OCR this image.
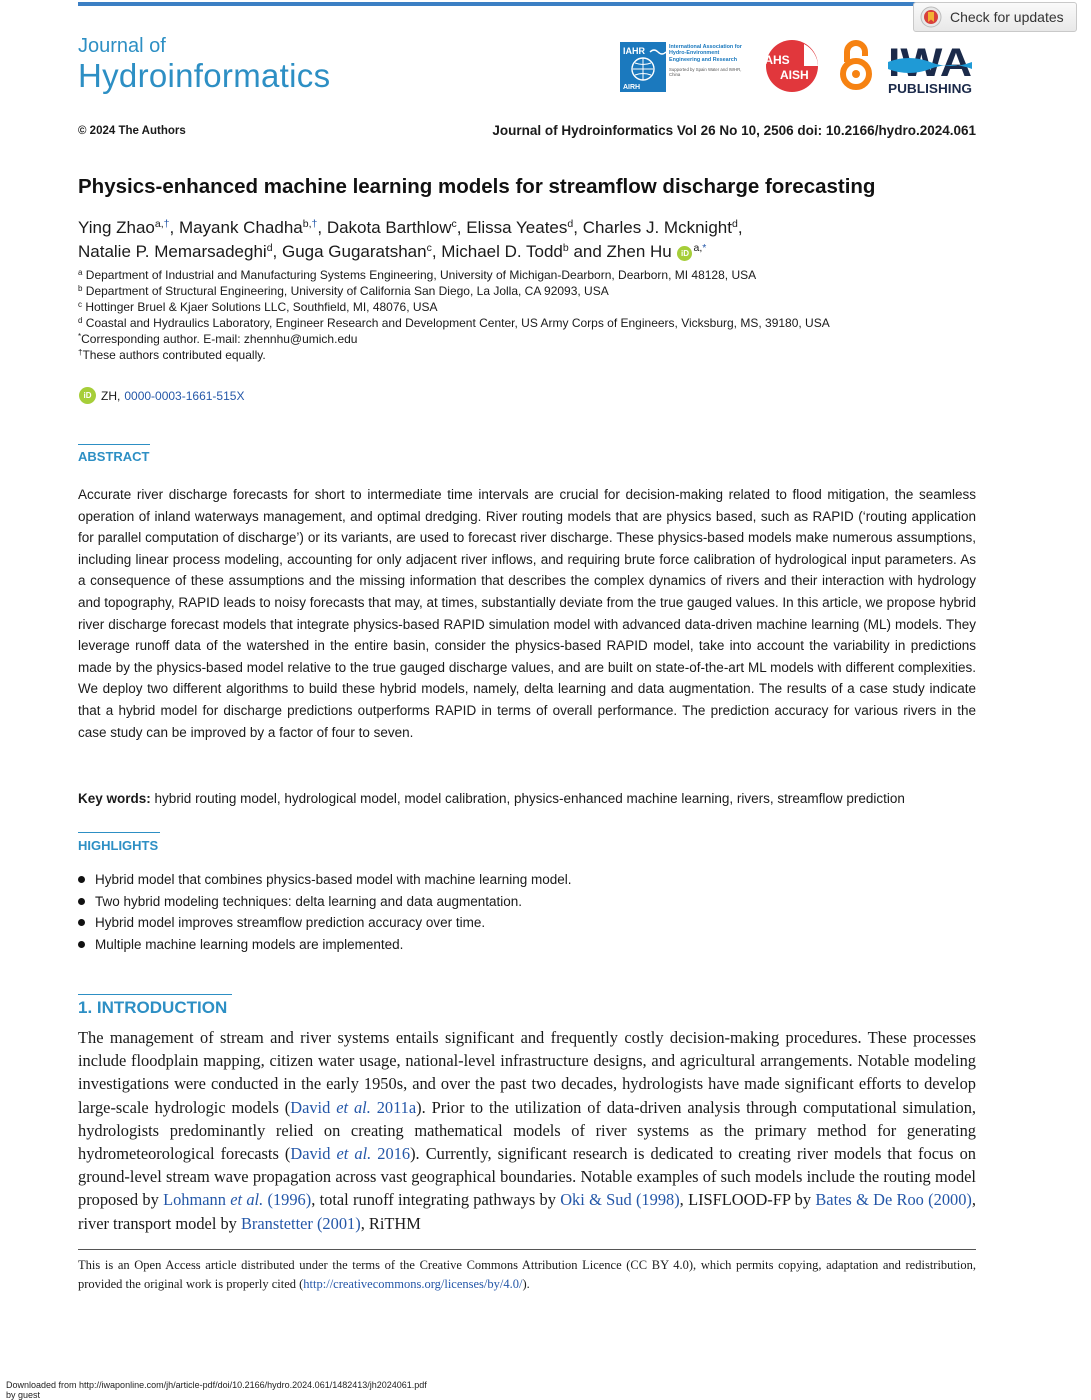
Check for updates
Journal of
Hydroinformatics
IAHR
AIRH
International Association for Hydro-Environment Engineering and Research
Supported by Spain Water and IWHR, China
IAHS
AISH
PUBLISHING
© 2024 The Authors	Journal of Hydroinformatics Vol 26 No 10, 2506 doi: 10.2166/hydro.2024.061
Physics-enhanced machine learning models for streamflow discharge forecasting
Ying Zhao$^{a,\dagger}$, Mayank Chadha$^{b,\dagger}$, Dakota Barthlow$^c$, Elissa Yeates$^d$, Charles J. Mcknight$^d$,
Natalie P. Memarsadeghi$^d$, Guga Gugaratshan$^c$, Michael D. Todd$^b$ and Zhen Hu iD $^{a,*}$
$^a$ Department of Industrial and Manufacturing Systems Engineering, University of Michigan-Dearborn, Dearborn, MI 48128, USA
$^b$ Department of Structural Engineering, University of California San Diego, La Jolla, CA 92093, USA
$^c$ Hottinger Bruel & Kjaer Solutions LLC, Southfield, MI, 48076, USA
$^d$ Coastal and Hydraulics Laboratory, Engineer Research and Development Center, US Army Corps of Engineers, Vicksburg, MS, 39180, USA
*Corresponding author. E-mail: zhennhu@umich.edu
†These authors contributed equally.
iD ZH, 0000-0003-1661-515X
ABSTRACT

Accurate river discharge forecasts for short to intermediate time intervals are crucial for decision-making related to flood mitigation, the seamless operation of inland waterways management, and optimal dredging. River routing models that are physics based, such as RAPID (‘routing application for parallel computation of discharge’) or its variants, are used to forecast river discharge. These physics-based models make numerous assumptions, including linear process modeling, accounting for only adjacent river inflows, and requiring brute force calibration of hydrological input parameters. As a consequence of these assumptions and the missing information that describes the complex dynamics of rivers and their interaction with hydrology and topography, RAPID leads to noisy forecasts that may, at times, substantially deviate from the true gauged values. In this article, we propose hybrid river discharge forecast models that integrate physics-based RAPID simulation model with advanced data-driven machine learning (ML) models. They leverage runoff data of the watershed in the entire basin, consider the physics-based RAPID model, take into account the variability in predictions made by the physics-based model relative to the true gauged discharge values, and are built on state-of-the-art ML models with different complexities. We deploy two different algorithms to build these hybrid models, namely, delta learning and data augmentation. The results of a case study indicate that a hybrid model for discharge predictions outperforms RAPID in terms of overall performance. The prediction accuracy for various rivers in the case study can be improved by a factor of four to seven.

Key words: hybrid routing model, hydrological model, model calibration, physics-enhanced machine learning, rivers, streamflow prediction
HIGHLIGHTS
Hybrid model that combines physics-based model with machine learning model.
Two hybrid modeling techniques: delta learning and data augmentation.
Hybrid model improves streamflow prediction accuracy over time.
Multiple machine learning models are implemented.
1. INTRODUCTION

The management of stream and river systems entails significant and frequently costly decision-making procedures. These processes include floodplain mapping, citizen water usage, national-level infrastructure designs, and agricultural arrangements. Notable modeling investigations were conducted in the early 1950s, and over the past two decades, hydrologists have made significant efforts to develop large-scale hydrologic models (David et al. 2011a). Prior to the utilization of data-driven analysis through computational simulation, hydrologists predominantly relied on creating mathematical models of river systems as the primary method for generating hydrometeorological forecasts (David et al. 2016). Currently, significant research is dedicated to creating river models that focus on ground-level stream wave propagation across vast geographical boundaries. Notable examples of such models include the routing model proposed by Lohmann et al. (1996), total runoff integrating pathways by Oki & Sud (1998), LISFLOOD-FP by Bates & De Roo (2000), river transport model by Branstetter (2001), RiTHM

This is an Open Access article distributed under the terms of the Creative Commons Attribution Licence (CC BY 4.0), which permits copying, adaptation and redistribution, provided the original work is properly cited (http://creativecommons.org/licenses/by/4.0/).

Downloaded from http://iwaponline.com/jh/article-pdf/doi/10.2166/hydro.2024.061/1482413/jh2024061.pdf
by guest
